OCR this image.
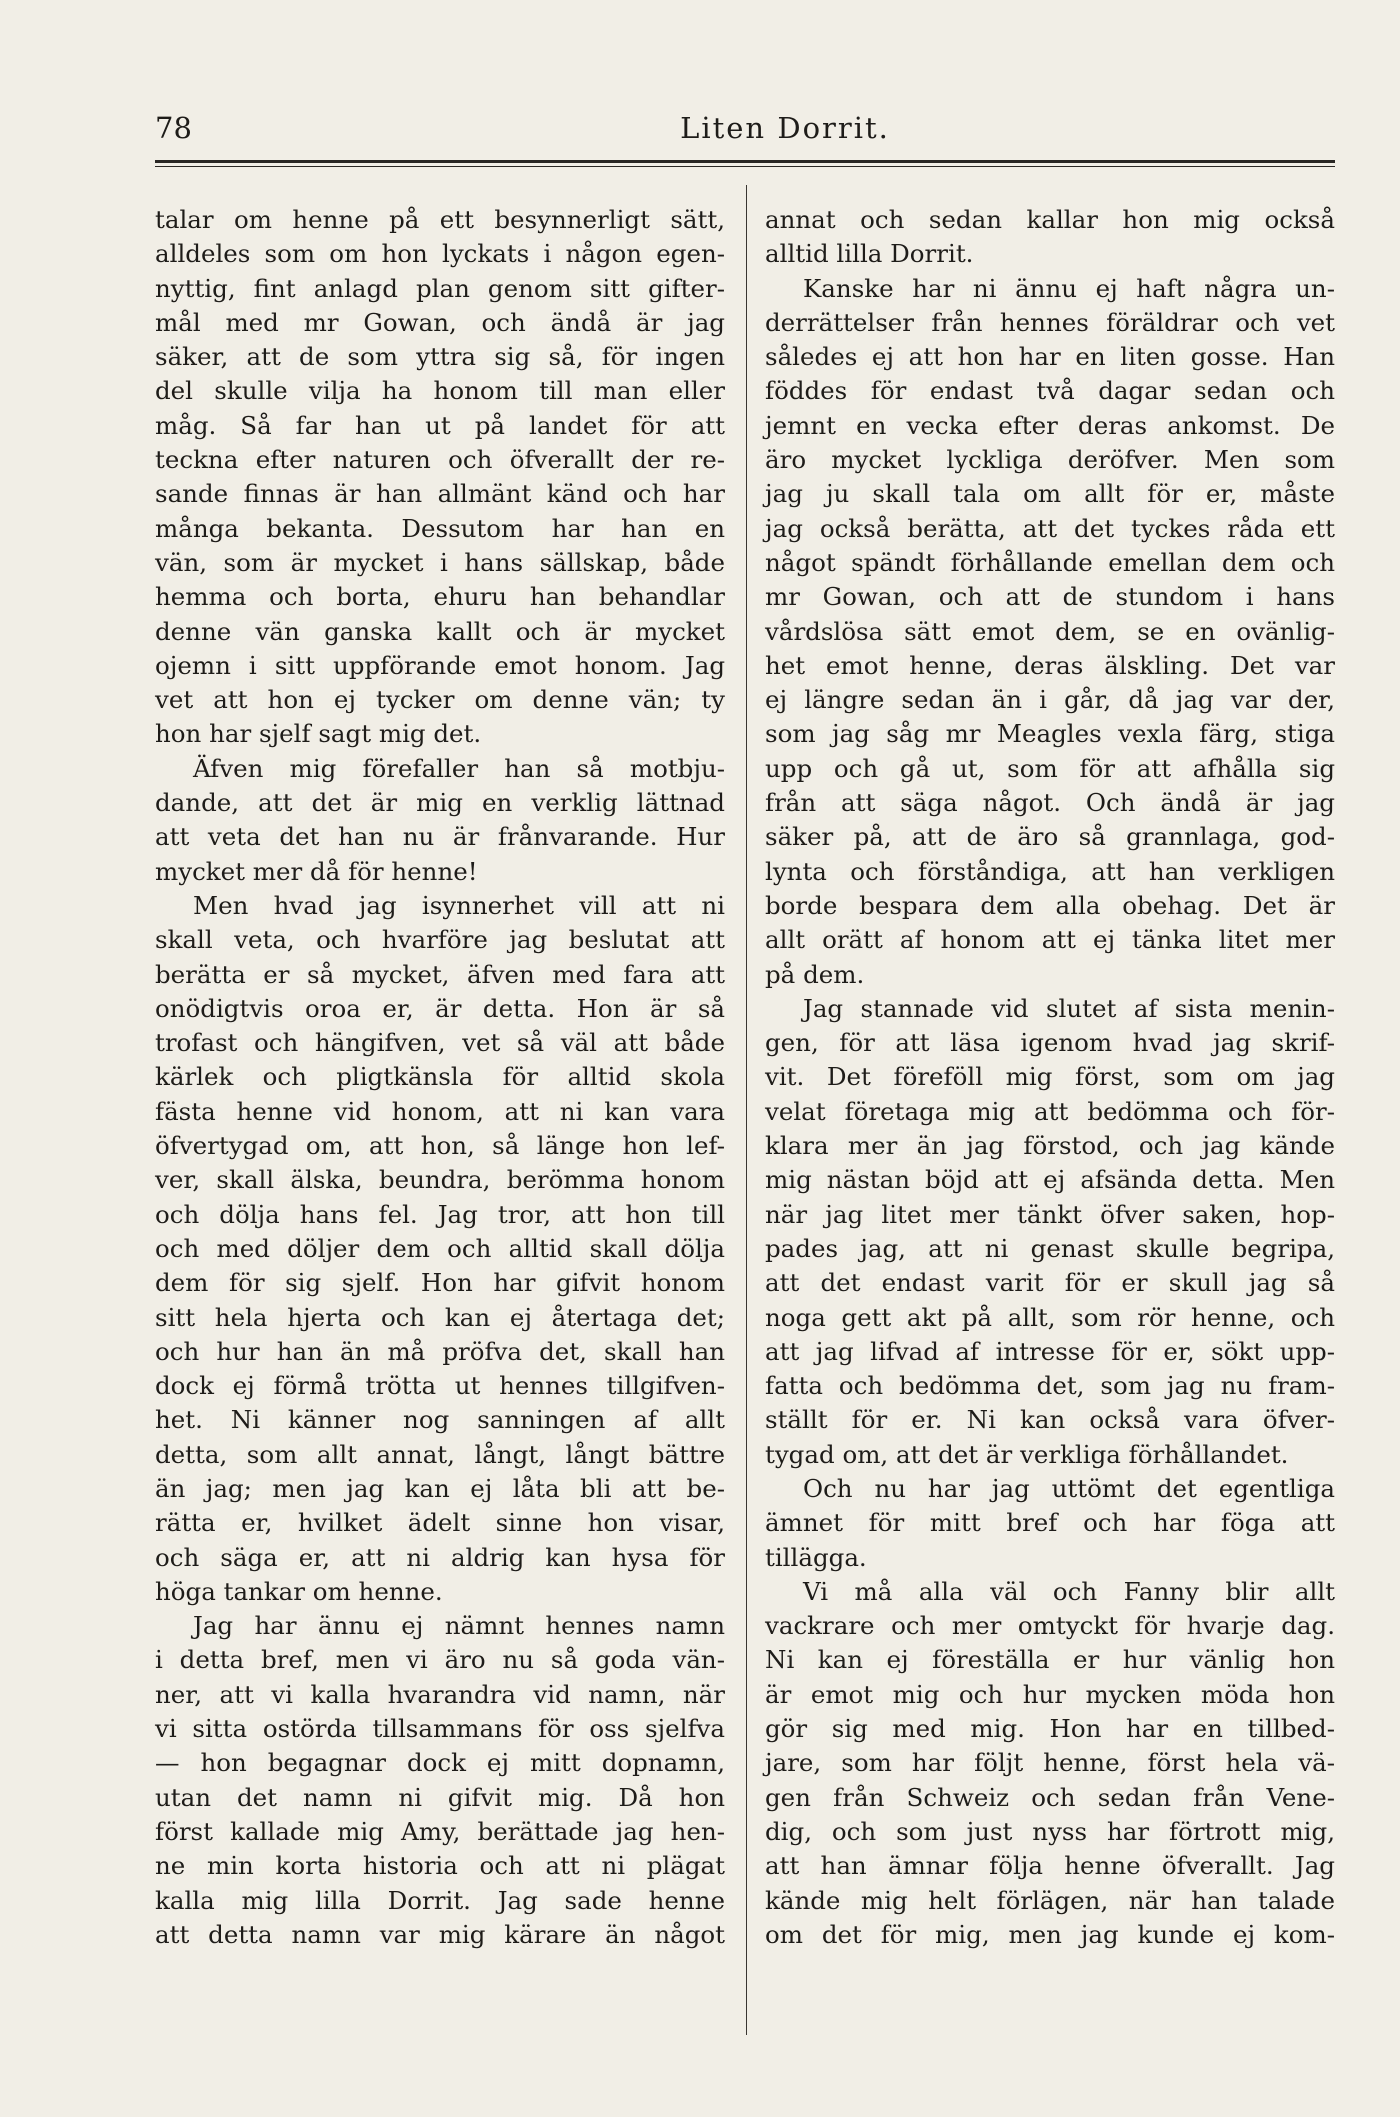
78	Liten Dorrit.
talar om henne på ett besynnerligt sätt,
alldeles som om hon lyckats i någon egen-
nyttig, fint anlagd plan genom sitt gifter-
mål med mr Gowan, och ändå är jag
säker, att de som yttra sig så, för ingen
del skulle vilja ha honom till man eller
måg. Så far han ut på landet för att
teckna efter naturen och öfverallt der re-
sande finnas är han allmänt känd och har
många bekanta. Dessutom har han en
vän, som är mycket i hans sällskap, både
hemma och borta, ehuru han behandlar
denne vän ganska kallt och är mycket
ojemn i sitt uppförande emot honom. Jag
vet att hon ej tycker om denne vän; ty
hon har sjelf sagt mig det.
Äfven mig förefaller han så motbju-
dande, att det är mig en verklig lättnad
att veta det han nu är frånvarande. Hur
mycket mer då för henne!
Men hvad jag isynnerhet vill att ni
skall veta, och hvarföre jag beslutat att
berätta er så mycket, äfven med fara att
onödigtvis oroa er, är detta. Hon är så
trofast och hängifven, vet så väl att både
kärlek och pligtkänsla för alltid skola
fästa henne vid honom, att ni kan vara
öfvertygad om, att hon, så länge hon lef-
ver, skall älska, beundra, berömma honom
och dölja hans fel. Jag tror, att hon till
och med döljer dem och alltid skall dölja
dem för sig sjelf. Hon har gifvit honom
sitt hela hjerta och kan ej återtaga det;
och hur han än må pröfva det, skall han
dock ej förmå trötta ut hennes tillgifven-
het. Ni känner nog sanningen af allt
detta, som allt annat, långt, långt bättre
än jag; men jag kan ej låta bli att be-
rätta er, hvilket ädelt sinne hon visar,
och säga er, att ni aldrig kan hysa för
höga tankar om henne.
Jag har ännu ej nämnt hennes namn
i detta bref, men vi äro nu så goda vän-
ner, att vi kalla hvarandra vid namn, när
vi sitta ostörda tillsammans för oss sjelfva
— hon begagnar dock ej mitt dopnamn,
utan det namn ni gifvit mig. Då hon
först kallade mig Amy, berättade jag hen-
ne min korta historia och att ni plägat
kalla mig lilla Dorrit. Jag sade henne
att detta namn var mig kärare än något
annat och sedan kallar hon mig också
alltid lilla Dorrit.
Kanske har ni ännu ej haft några un-
derrättelser från hennes föräldrar och vet
således ej att hon har en liten gosse. Han
föddes för endast två dagar sedan och
jemnt en vecka efter deras ankomst. De
äro mycket lyckliga deröfver. Men som
jag ju skall tala om allt för er, måste
jag också berätta, att det tyckes råda ett
något spändt förhållande emellan dem och
mr Gowan, och att de stundom i hans
vårdslösa sätt emot dem, se en ovänlig-
het emot henne, deras älskling. Det var
ej längre sedan än i går, då jag var der,
som jag såg mr Meagles vexla färg, stiga
upp och gå ut, som för att afhålla sig
från att säga något. Och ändå är jag
säker på, att de äro så grannlaga, god-
lynta och förståndiga, att han verkligen
borde bespara dem alla obehag. Det är
allt orätt af honom att ej tänka litet mer
på dem.
Jag stannade vid slutet af sista menin-
gen, för att läsa igenom hvad jag skrif-
vit. Det föreföll mig först, som om jag
velat företaga mig att bedömma och för-
klara mer än jag förstod, och jag kände
mig nästan böjd att ej afsända detta. Men
när jag litet mer tänkt öfver saken, hop-
pades jag, att ni genast skulle begripa,
att det endast varit för er skull jag så
noga gett akt på allt, som rör henne, och
att jag lifvad af intresse för er, sökt upp-
fatta och bedömma det, som jag nu fram-
ställt för er. Ni kan också vara öfver-
tygad om, att det är verkliga förhållandet.
Och nu har jag uttömt det egentliga
ämnet för mitt bref och har föga att
tillägga.
Vi må alla väl och Fanny blir allt
vackrare och mer omtyckt för hvarje dag.
Ni kan ej föreställa er hur vänlig hon
är emot mig och hur mycken möda hon
gör sig med mig. Hon har en tillbed-
jare, som har följt henne, först hela vä-
gen från Schweiz och sedan från Vene-
dig, och som just nyss har förtrott mig,
att han ämnar följa henne öfverallt. Jag
kände mig helt förlägen, när han talade
om det för mig, men jag kunde ej kom-
